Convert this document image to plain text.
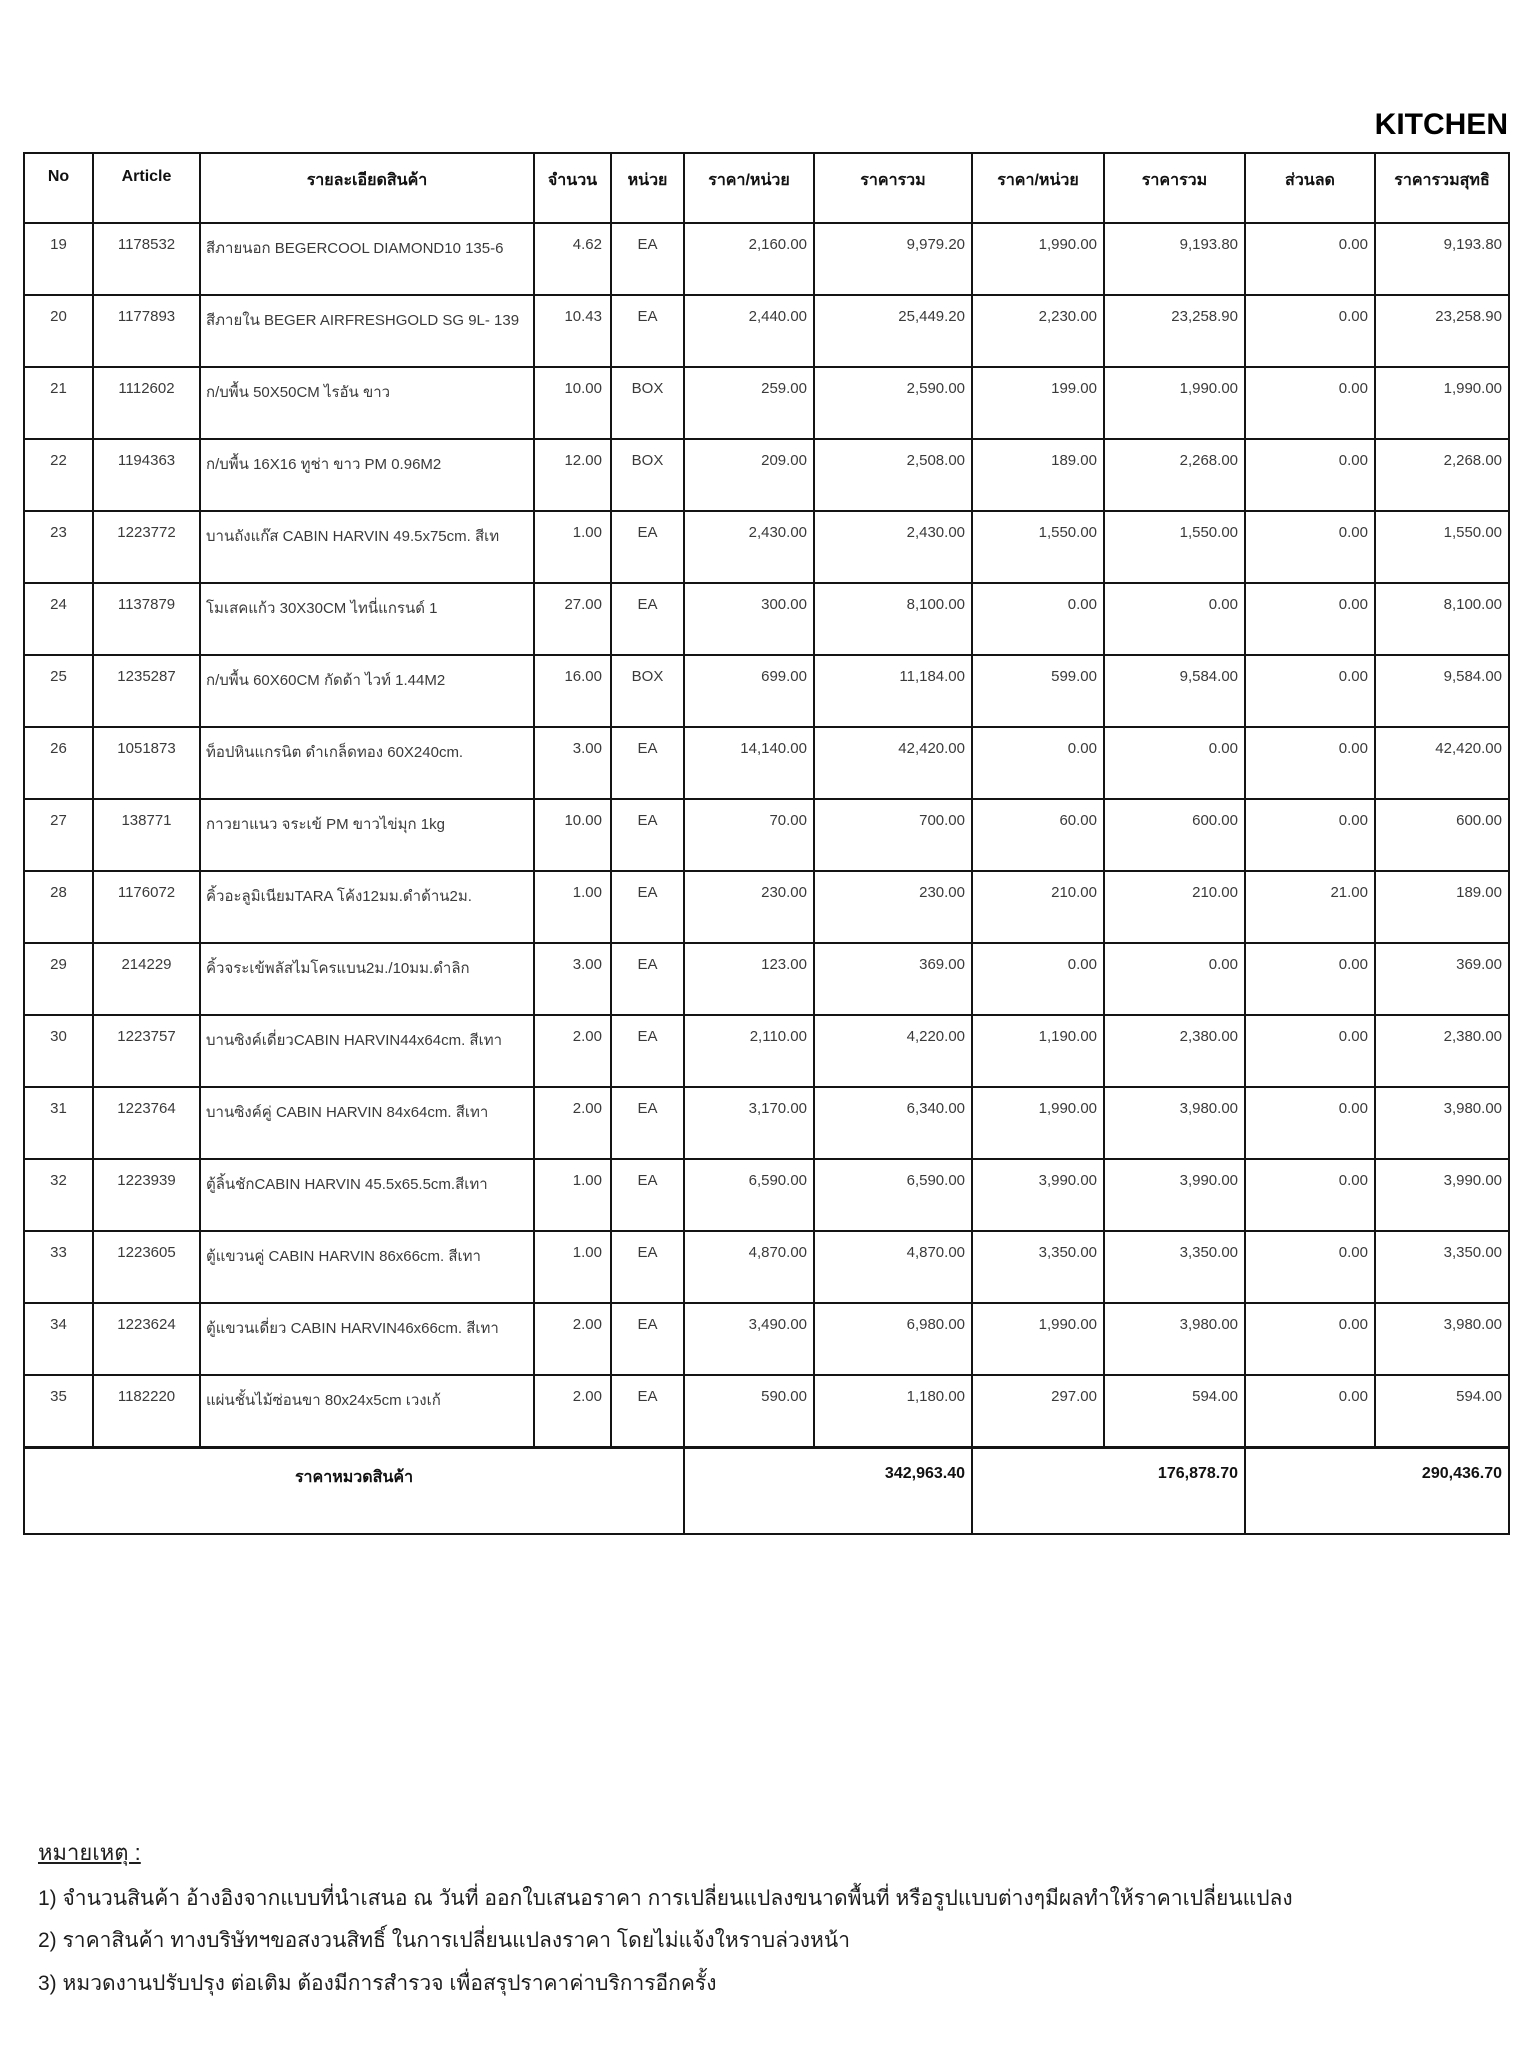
KITCHEN
No	Article	รายละเอียดสินค้า	จำนวน	หน่วย	ราคา/หน่วย	ราคารวม	ราคา/หน่วย	ราคารวม	ส่วนลด	ราคารวมสุทธิ
19	1178532	สีภายนอก BEGERCOOL DIAMOND10 135-6	4.62	EA	2,160.00	9,979.20	1,990.00	9,193.80	0.00	9,193.80
20	1177893	สีภายใน BEGER AIRFRESHGOLD SG 9L- 139	10.43	EA	2,440.00	25,449.20	2,230.00	23,258.90	0.00	23,258.90
21	1112602	ก/บพื้น 50X50CM ไรอัน ขาว	10.00	BOX	259.00	2,590.00	199.00	1,990.00	0.00	1,990.00
22	1194363	ก/บพื้น 16X16 ทูช่า ขาว PM 0.96M2	12.00	BOX	209.00	2,508.00	189.00	2,268.00	0.00	2,268.00
23	1223772	บานถังแก๊ส CABIN HARVIN 49.5x75cm. สีเท	1.00	EA	2,430.00	2,430.00	1,550.00	1,550.00	0.00	1,550.00
24	1137879	โมเสคแก้ว 30X30CM ไทนี่แกรนด์ 1	27.00	EA	300.00	8,100.00	0.00	0.00	0.00	8,100.00
25	1235287	ก/บพื้น 60X60CM กัดด้า ไวท์ 1.44M2	16.00	BOX	699.00	11,184.00	599.00	9,584.00	0.00	9,584.00
26	1051873	ท็อปหินแกรนิต ดำเกล็ดทอง 60X240cm.	3.00	EA	14,140.00	42,420.00	0.00	0.00	0.00	42,420.00
27	138771	กาวยาแนว จระเข้ PM ขาวไข่มุก 1kg	10.00	EA	70.00	700.00	60.00	600.00	0.00	600.00
28	1176072	คิ้วอะลูมิเนียมTARA โค้ง12มม.ดำด้าน2ม.	1.00	EA	230.00	230.00	210.00	210.00	21.00	189.00
29	214229	คิ้วจระเข้พลัสไมโครแบน2ม./10มม.ดำลิก	3.00	EA	123.00	369.00	0.00	0.00	0.00	369.00
30	1223757	บานซิงค์เดี่ยวCABIN HARVIN44x64cm. สีเทา	2.00	EA	2,110.00	4,220.00	1,190.00	2,380.00	0.00	2,380.00
31	1223764	บานซิงค์คู่ CABIN HARVIN 84x64cm. สีเทา	2.00	EA	3,170.00	6,340.00	1,990.00	3,980.00	0.00	3,980.00
32	1223939	ตู้ลิ้นชักCABIN HARVIN 45.5x65.5cm.สีเทา	1.00	EA	6,590.00	6,590.00	3,990.00	3,990.00	0.00	3,990.00
33	1223605	ตู้แขวนคู่ CABIN HARVIN 86x66cm. สีเทา	1.00	EA	4,870.00	4,870.00	3,350.00	3,350.00	0.00	3,350.00
34	1223624	ตู้แขวนเดี่ยว CABIN HARVIN46x66cm. สีเทา	2.00	EA	3,490.00	6,980.00	1,990.00	3,980.00	0.00	3,980.00
35	1182220	แผ่นชั้นไม้ซ่อนขา 80x24x5cm เวงเก้	2.00	EA	590.00	1,180.00	297.00	594.00	0.00	594.00
ราคาหมวดสินค้า					342,963.40		176,878.70		290,436.70	
หมายเหตุ :
1) จำนวนสินค้า อ้างอิงจากแบบที่นำเสนอ ณ วันที่ ออกใบเสนอราคา การเปลี่ยนแปลงขนาดพื้นที่ หรือรูปแบบต่างๆมีผลทำให้ราคาเปลี่ยนแปลง
2) ราคาสินค้า ทางบริษัทฯขอสงวนสิทธิ์ ในการเปลี่ยนแปลงราคา โดยไม่แจ้งใหราบล่วงหน้า
3) หมวดงานปรับปรุง ต่อเติม ต้องมีการสำรวจ เพื่อสรุปราคาค่าบริการอีกครั้ง
